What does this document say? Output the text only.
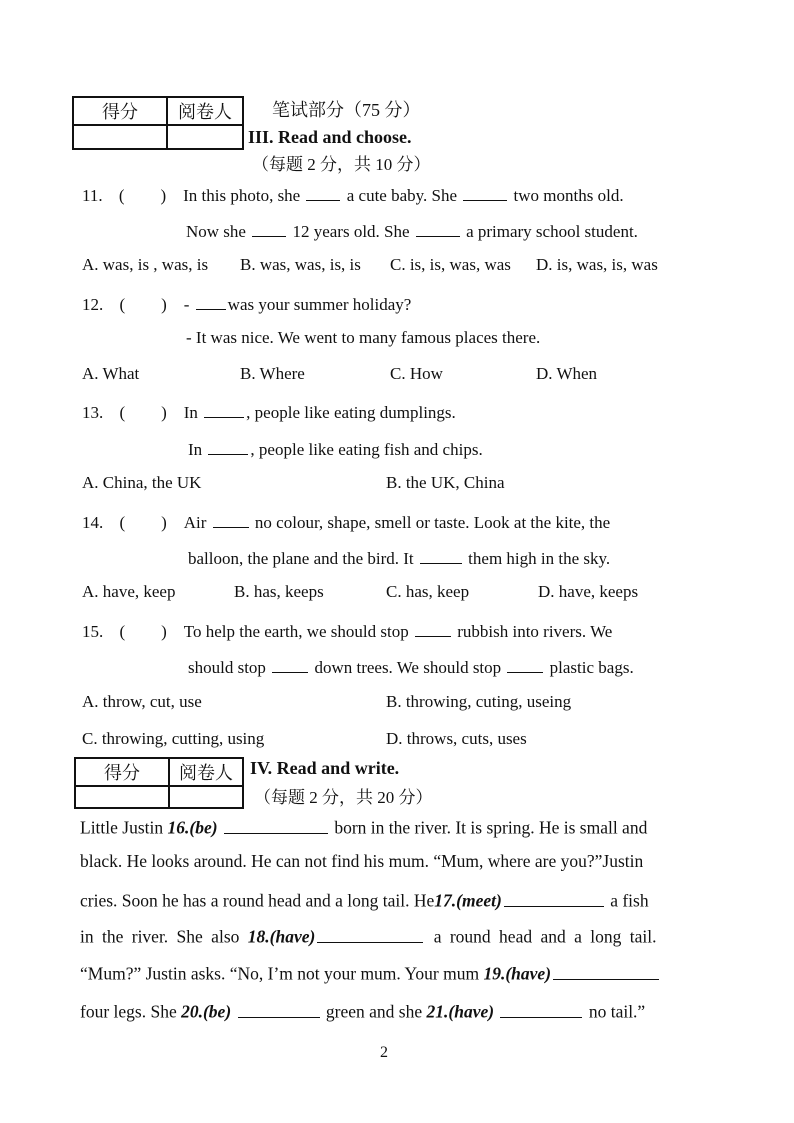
得分	阅卷人
	笔试部分（75 分）
III. Read and choose.
（每题 2 分，共 10 分）
11. ( ) In this photo, she	a cute baby. She	two months old.
Now she	12 years old. She	a primary school student.
A. was, is , was, is B. was, was, is, is C. is, is, was, was D. is, was, is, was
12. ( ) - was your summer holiday?
- It was nice. We went to many famous places there.
A. What	B. Where	C. How	D. When
13. ( ) In	, people like eating dumplings.
In	, people like eating fish and chips.
A. China, the UK	B. the UK, China
14. ( ) Air	no colour, shape, smell or taste. Look at the kite, the
balloon, the plane and the bird. It	them high in the sky.
A. have, keep	B. has, keeps	C. has, keep	D. have, keeps
15. ( ) To help the earth, we should stop	rubbish into rivers. We
should stop	down trees. We should stop	plastic bags.
A. throw, cut, use	B. throwing, cuting, useing
C. throwing, cutting, using	D. throws, cuts, uses
得分	阅卷人
	IV. Read and write.
（每题 2 分，共 20 分）
Little Justin 16.(be)	born in the river. It is spring. He is small and
black. He looks around. He can not find his mum. “Mum, where are you?”Justin
cries. Soon he has a round head and a long tail. He17.(meet)	a fish
in the river. She also 18.(have)	a round head and a long tail.
“Mum?” Justin asks. “No, I’m not your mum. Your mum 19.(have)
four legs. She 20.(be)	green and she 21.(have)	no tail.”
2
